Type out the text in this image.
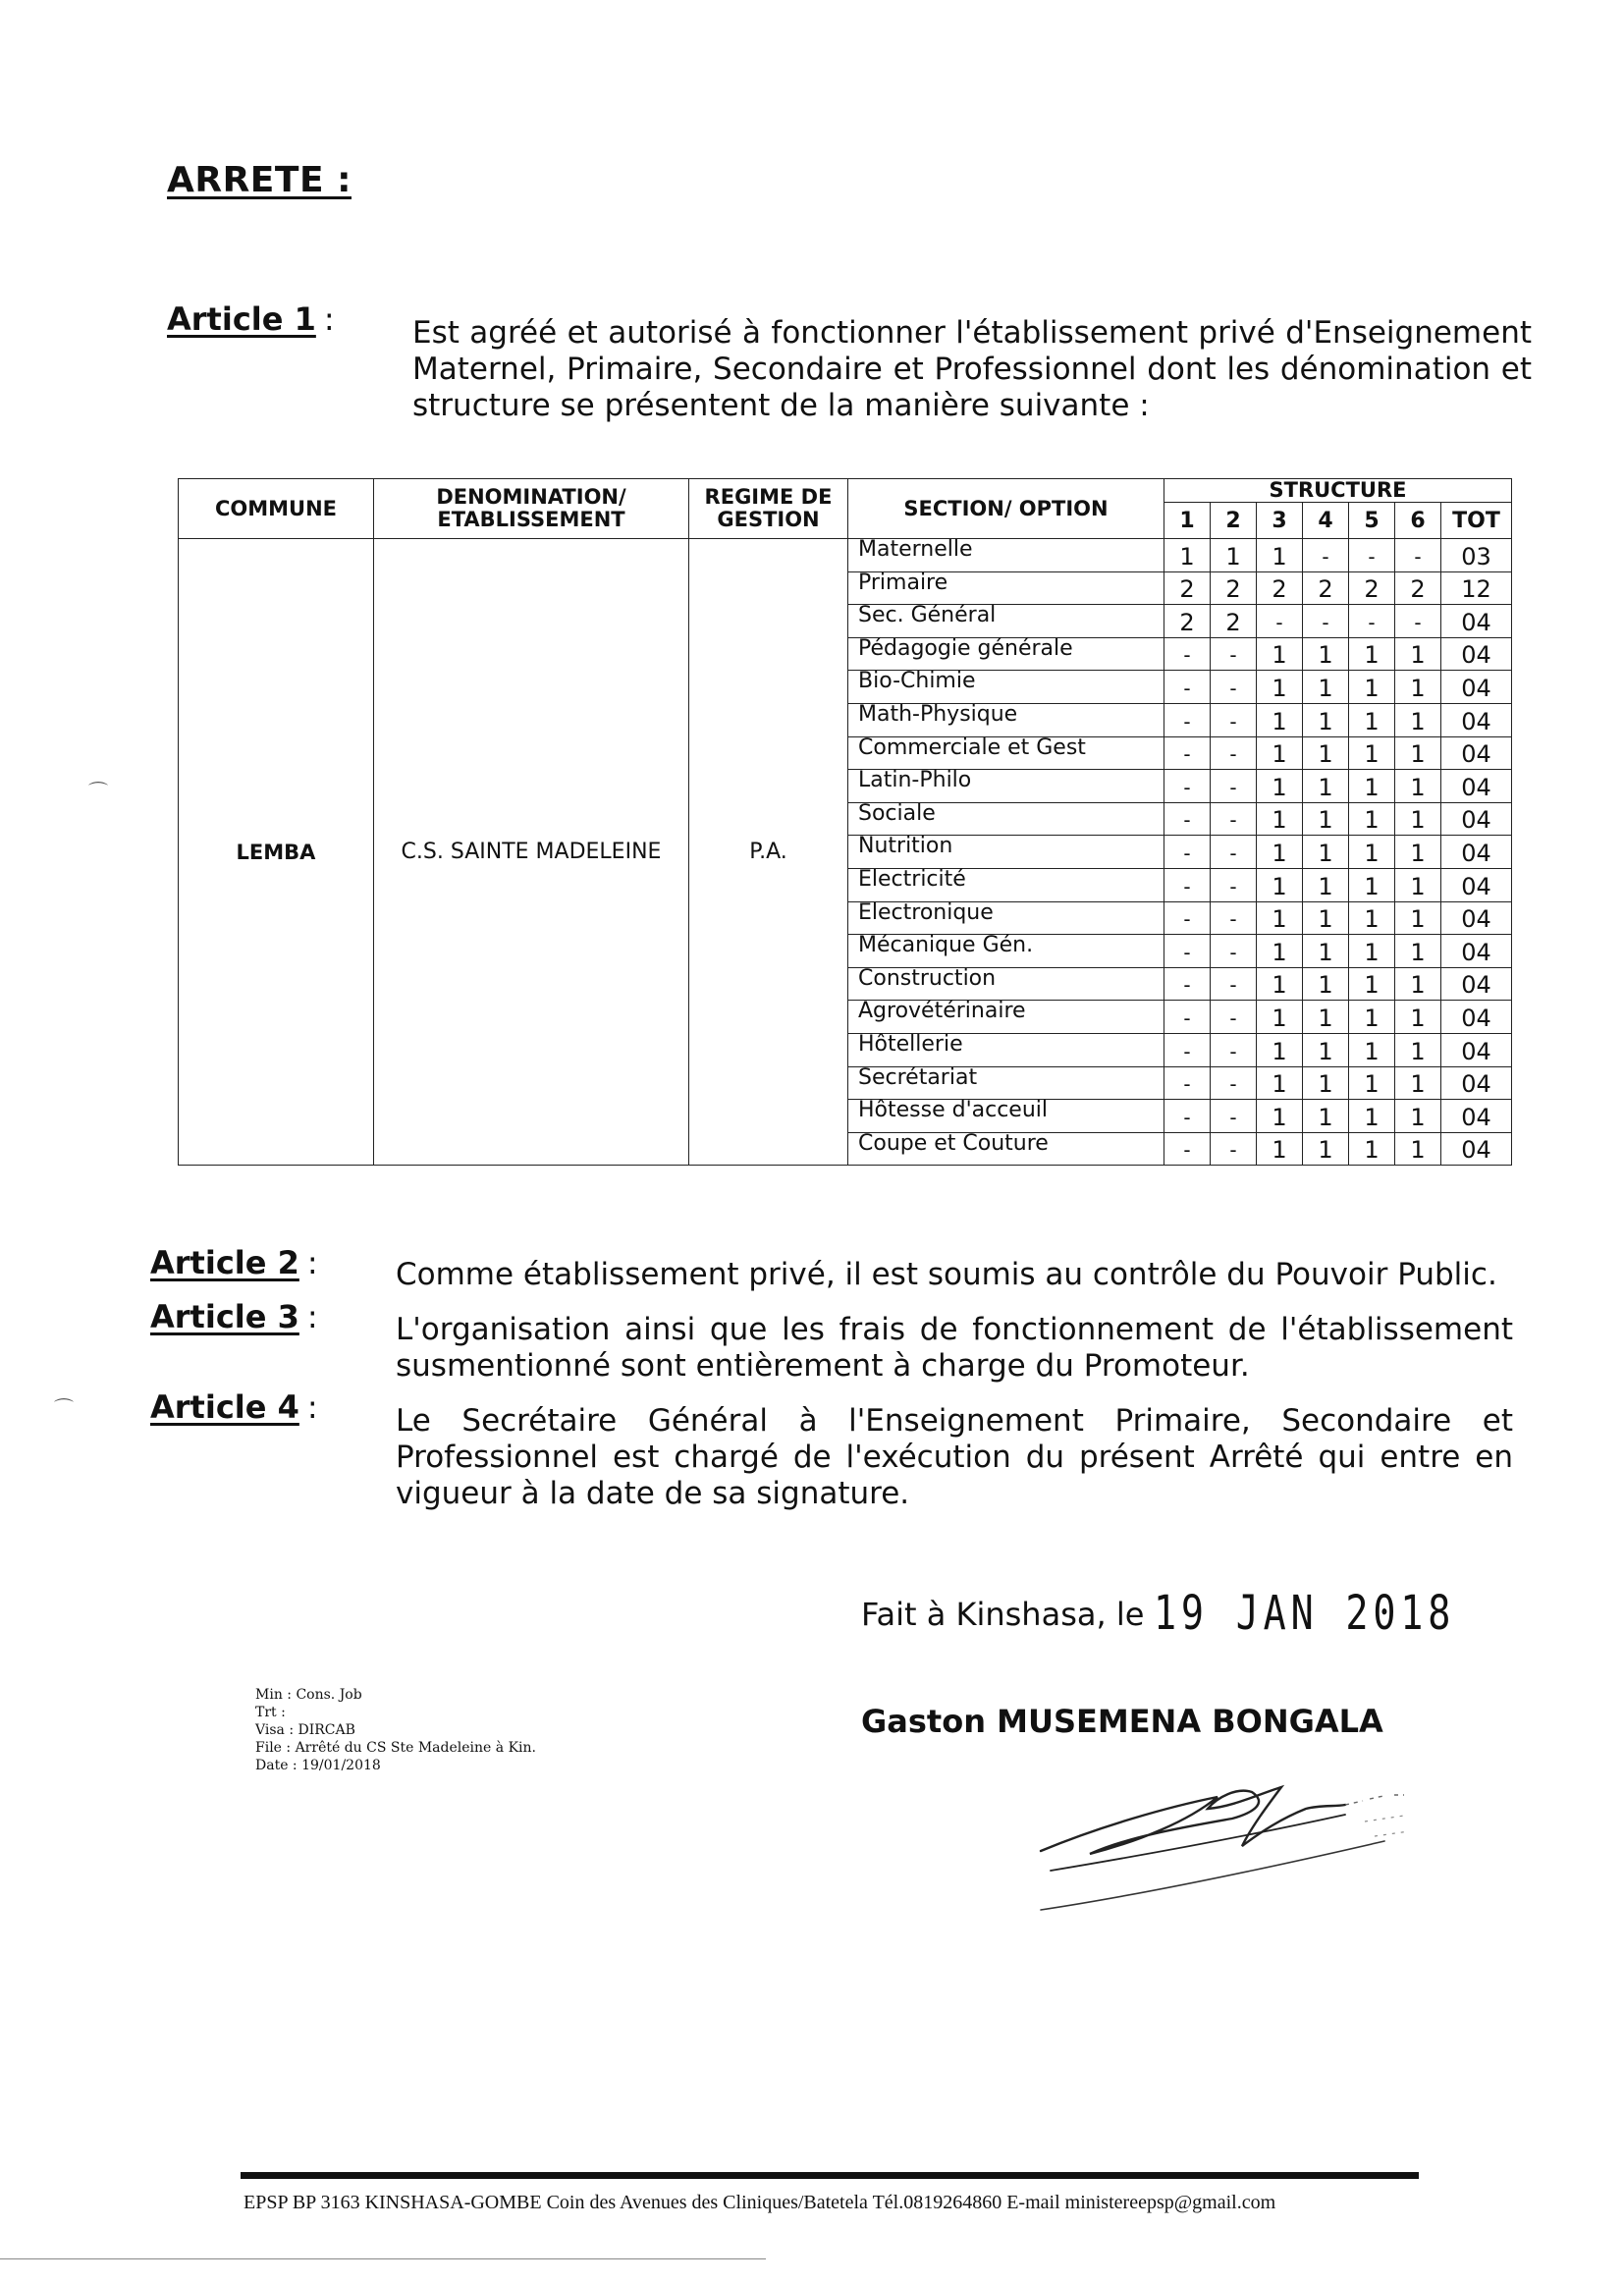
ARRETE :
Article 1 :	Est agréé et autorisé à fonctionner l'établissement privé d'Enseignement Maternel, Primaire, Secondaire et Professionnel dont les dénomination et structure se présentent de la manière suivante :
COMMUNE	DENOMINATION/ ETABLISSEMENT	REGIME DE GESTION	SECTION/ OPTION	STRUCTURE						
				1	2	3	4	5	6	TOT
LEMBA	C.S. SAINTE MADELEINE	P.A.	Maternelle	1	1	1	-	-	-	03
			Primaire	2	2	2	2	2	2	12
			Sec. Général	2	2	-	-	-	-	04
			Pédagogie générale	-	-	1	1	1	1	04
			Bio-Chimie	-	-	1	1	1	1	04
			Math-Physique	-	-	1	1	1	1	04
			Commerciale et Gest	-	-	1	1	1	1	04
			Latin-Philo	-	-	1	1	1	1	04
			Sociale	-	-	1	1	1	1	04
			Nutrition	-	-	1	1	1	1	04
			Electricité	-	-	1	1	1	1	04
			Electronique	-	-	1	1	1	1	04
			Mécanique Gén.	-	-	1	1	1	1	04
			Construction	-	-	1	1	1	1	04
			Agrovétérinaire	-	-	1	1	1	1	04
			Hôtellerie	-	-	1	1	1	1	04
			Secrétariat	-	-	1	1	1	1	04
			Hôtesse d'acceuil	-	-	1	1	1	1	04
			Coupe et Couture	-	-	1	1	1	1	04
Article 2 :	Comme établissement privé, il est soumis au contrôle du Pouvoir Public.
Article 3 :	L'organisation ainsi que les frais de fonctionnement de l'établissement susmentionné sont entièrement à charge du Promoteur.
Article 4 :	Le Secrétaire Général à l'Enseignement Primaire, Secondaire et Professionnel est chargé de l'exécution du présent Arrêté qui entre en vigueur à la date de sa signature.
Fait à Kinshasa, le 19 JAN 2018
Gaston MUSEMENA BONGALA
Min : Cons. Job
Trt :
Visa : DIRCAB
File : Arrêté du CS Ste Madeleine à Kin.
Date : 19/01/2018
EPSP BP 3163 KINSHASA-GOMBE Coin des Avenues des Cliniques/Batetela Tél.0819264860 E-mail ministereepsp@gmail.com
⌒
⌒
